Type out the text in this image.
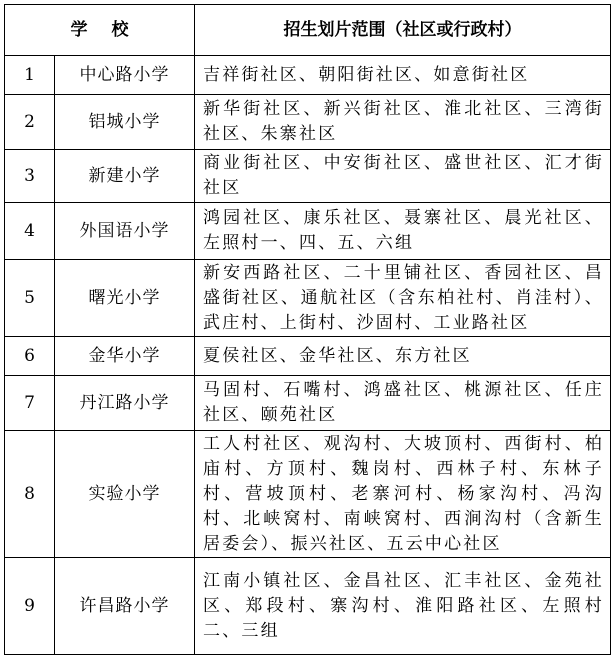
学校		招生划片范围（社区或行政村）
1	中心路小学	吉祥街社区、朝阳街社区、如意街社区
2	铝城小学	新华街社区、新兴街社区、淮北社区、三湾街社区、朱寨社区
3	新建小学	商业街社区、中安街社区、盛世社区、汇才街社区
4	外国语小学	鸿园社区、康乐社区、聂寨社区、晨光社区、左照村一、四、五、六组
5	曙光小学	新安西路社区、二十里铺社区、香园社区、昌盛街社区、通航社区（含东柏社村、肖洼村）、武庄村、上街村、沙固村、工业路社区
6	金华小学	夏侯社区、金华社区、东方社区
7	丹江路小学	马固村、石嘴村、鸿盛社区、桃源社区、任庄社区、颐苑社区
8	实验小学	工人村社区、观沟村、大坡顶村、西街村、柏庙村、方顶村、魏岗村、西林子村、东林子村、营坡顶村、老寨河村、杨家沟村、冯沟村、北峡窝村、南峡窝村、西涧沟村（含新生居委会）、振兴社区、五云中心社区
9	许昌路小学	江南小镇社区、金昌社区、汇丰社区、金苑社区、郑段村、寨沟村、淮阳路社区、左照村二、三组
